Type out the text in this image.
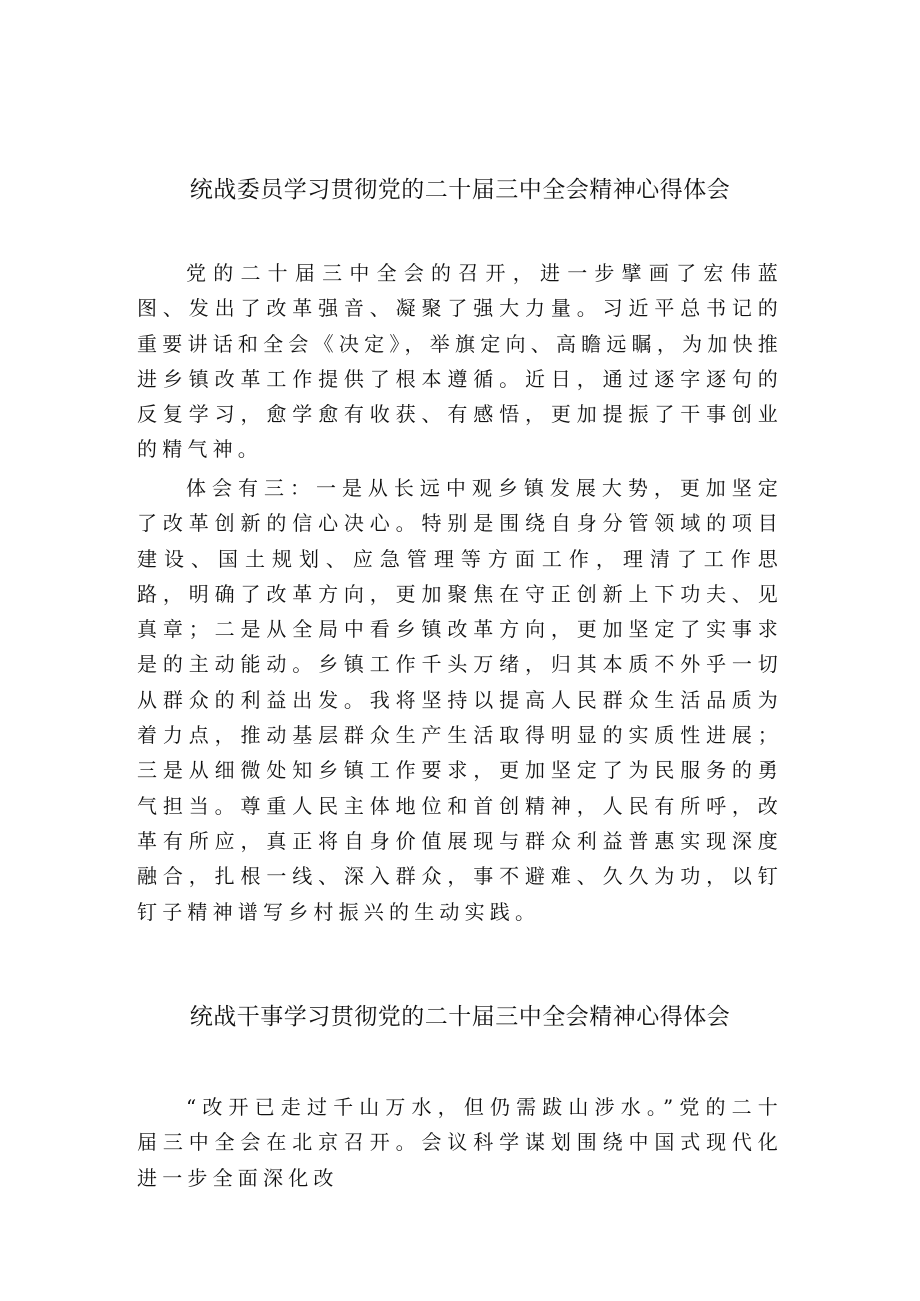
统战委员学习贯彻党的二十届三中全会精神心得体会

党的二十届三中全会的召开，进一步擘画了宏伟蓝图、发出了改革强音、凝聚了强大力量。习近平总书记的重要讲话和全会《决定》，举旗定向、高瞻远瞩，为加快推进乡镇改革工作提供了根本遵循。近日，通过逐字逐句的反复学习，愈学愈有收获、有感悟，更加提振了干事创业的精气神。

体会有三：一是从长远中观乡镇发展大势，更加坚定了改革创新的信心决心。特别是围绕自身分管领域的项目建设、国土规划、应急管理等方面工作，理清了工作思路，明确了改革方向，更加聚焦在守正创新上下功夫、见真章；二是从全局中看乡镇改革方向，更加坚定了实事求是的主动能动。乡镇工作千头万绪，归其本质不外乎一切从群众的利益出发。我将坚持以提高人民群众生活品质为着力点，推动基层群众生产生活取得明显的实质性进展；三是从细微处知乡镇工作要求，更加坚定了为民服务的勇气担当。尊重人民主体地位和首创精神，人民有所呼，改革有所应，真正将自身价值展现与群众利益普惠实现深度融合，扎根一线、深入群众，事不避难、久久为功，以钉钉子精神谱写乡村振兴的生动实践。

统战干事学习贯彻党的二十届三中全会精神心得体会

“改开已走过千山万水，但仍需跋山涉水。”党的二十届三中全会在北京召开。会议科学谋划围绕中国式现代化进一步全面深化改
